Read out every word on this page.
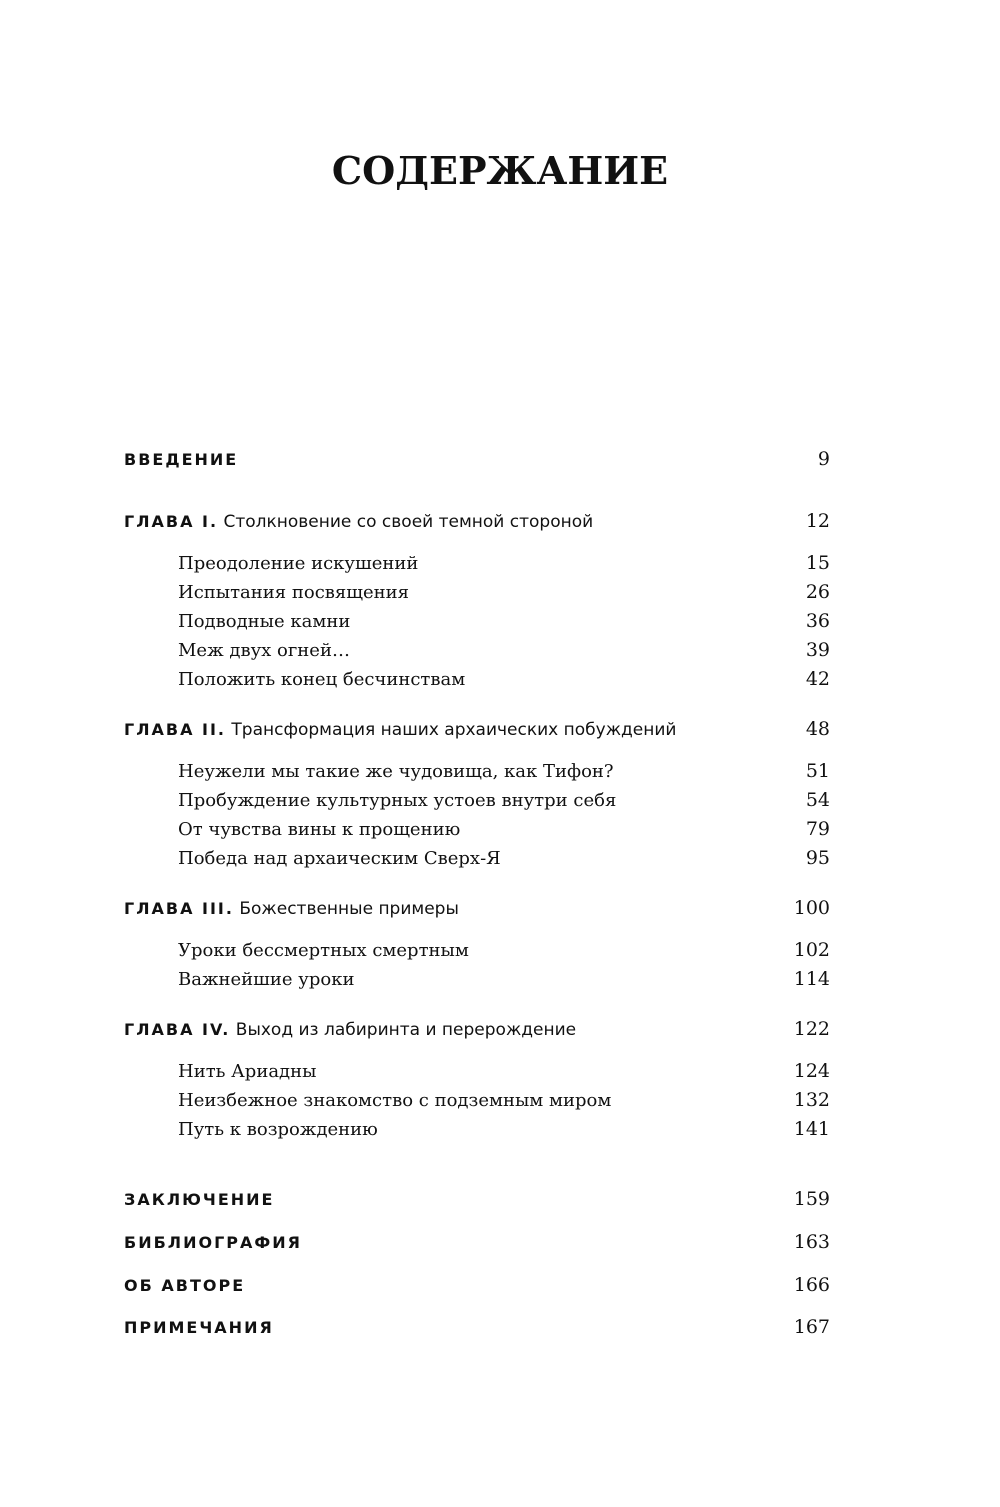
СОДЕРЖАНИЕ
ВВЕДЕНИЕ	9
ГЛАВА I. Столкновение со своей темной стороной	12
Преодоление искушений	15
Испытания посвящения	26
Подводные камни	36
Меж двух огней…	39
Положить конец бесчинствам	42
ГЛАВА II. Трансформация наших архаических побуждений	48
Неужели мы такие же чудовища, как Тифон?	51
Пробуждение культурных устоев внутри себя	54
От чувства вины к прощению	79
Победа над архаическим Сверх-Я	95
ГЛАВА III. Божественные примеры	100
Уроки бессмертных смертным	102
Важнейшие уроки	114
ГЛАВА IV. Выход из лабиринта и перерождение	122
Нить Ариадны	124
Неизбежное знакомство с подземным миром	132
Путь к возрождению	141
ЗАКЛЮЧЕНИЕ	159
БИБЛИОГРАФИЯ	163
ОБ АВТОРЕ	166
ПРИМЕЧАНИЯ	167
